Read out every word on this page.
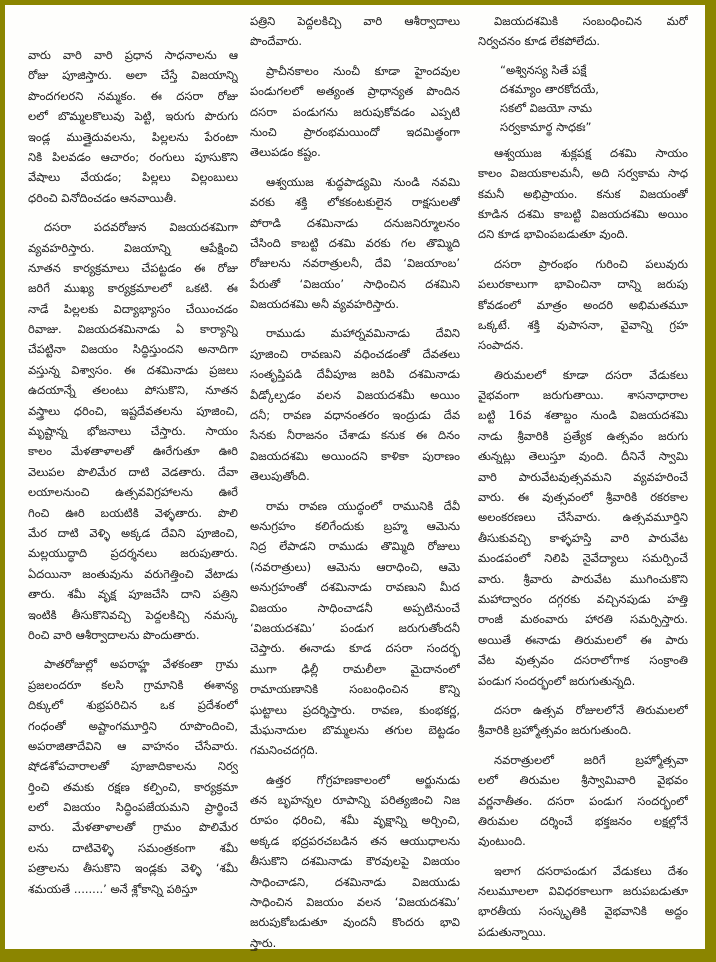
వారు వారి వారి ప్రధాన సాధనాలను ఆ
రోజు పూజిస్తారు. అలా చేస్తే విజయాన్ని
పొందగలరని నమ్మకం. ఈ దసరా రోజు
లలో బొమ్మలకొలువు పెట్టి, ఇరుగు పొరుగు
ఇండ్ల ముత్తైదువలను, పిల్లలను పేరంటా
నికి పిలవడం ఆచారం; రంగులు పూసుకొని
వేషాలు వేయడం; పిల్లలు విల్లంబులు
ధరించి వినోదించడం ఆనవాయితీ.
దసరా పదవరోజున విజయదశమిగా
వ్యవహరిస్తారు. విజయాన్ని ఆపేక్షించి
నూతన కార్యక్రమాలు చేపట్టడం ఈ రోజు
జరిగే ముఖ్య కార్యక్రమాలలో ఒకటి. ఈ
నాడే పిల్లలకు విద్యాభ్యాసం చేయించడం
రివాజు. విజయదశమినాడు ఏ కార్యాన్ని
చేపట్టినా విజయం సిద్ధిస్తుందని అనాదిగా
వస్తున్న విశ్వాసం. ఈ దశమినాడు ప్రజలు
ఉదయాన్నే తలంటు పోసుకొని, నూతన
వస్త్రాలు ధరించి, ఇష్టదేవతలను పూజించి,
మృష్టాన్న భోజనాలు చేస్తారు. సాయం
కాలం మేళతాళాలతో ఊరేగుతూ ఊరి
వెలుపల పొలిమేర దాటి వెడతారు. దేవా
లయాలనుంచి ఉత్సవవిగ్రహాలను ఊరే
గించి ఊరి బయటికి వెళ్ళతారు. పొలి
మేర దాటి వెళ్ళి అక్కడ దేవిని పూజించి,
మల్లయుద్ధాది ప్రదర్శనలు జరుపుతారు.
ఏదయినా జంతువును వరుగెత్తించి వేటాడు
తారు. శమీ వృక్ష పూజచేసి దాని పత్రిని
ఇంటికి తీసుకొనివచ్చి పెద్దలకిచ్చి నమస్క
రించి వారి ఆశీర్వాదాలను పొందుతారు.
పాతరోజుల్లో అపరాహ్ణ వేళకంతా గ్రామ
ప్రజలందరూ కలసి గ్రామానికి ఈశాన్య
దిక్కులో శుభ్రపరిచిన ఒక ప్రదేశంలో
గంధంతో అష్టాంగమూర్తిని రూపొందించి,
అపరాజితాదేవిని ఆ వాహనం చేసేవారు.
షోడశోపచారాలతో పూజాదికాలను నిర్వ
ర్తించి తమకు రక్షణ కల్పించి, కార్యక్రమా
లలో విజయం సిద్ధింపజేయమని ప్రార్థించే
వారు. మేళతాళాలతో గ్రామం పొలిమేర
లను దాటివెళ్ళి సమంత్రకంగా శమీ
పత్రాలను తీసుకొని ఇండ్లకు వెళ్ళి ‘శమీ
శమయతే ........’ అనే శ్లోకాన్ని పఠిస్తూ
పత్రిని పెద్దలకిచ్చి వారి ఆశీర్వాదాలు
పొందేవారు.
ప్రాచీనకాలం నుంచీ కూడా హైందవుల
పండుగలలో అత్యంత ప్రాధాన్యత పొందిన
దసరా పండుగను జరుపుకోవడం ఎప్పటి
నుంచి ప్రారంభమయిందో ఇదమిత్థంగా
తెలుపడం కష్టం.
ఆశ్వయుజ శుద్ధపాడ్యమి నుండి నవమి
వరకు శక్తి లోకకంటకులైన రాక్షసులతో
పోరాడి దశమినాడు దనుజనిర్మూలనం
చేసింది కాబట్టి దశమి వరకు గల తొమ్మిది
రోజులను నవరాత్రులనీ, దేవి ‘విజయాంబ’
పేరుతో ‘విజయం’ సాధించిన దశమిని
విజయదశమి అనీ వ్యవహరిస్తారు.
రాముడు మహార్నవమినాడు దేవిని
పూజించి రావణుని వధించడంతో దేవతలు
సంతృప్తిపడి దేవీపూజ జరిపి దశమినాడు
వీడ్కోల్పడం వలన విజయదశమీ అయిం
దనీ; రావణ వధానంతరం ఇంద్రుడు దేవ
సేనకు నీరాజనం చేశాడు కనుక ఈ దినం
విజయదశమి అయిందని కాళికా పురాణం
తెలుపుతోంది.
రామ రావణ యుద్ధంలో రామునికి దేవీ
అనుగ్రహం కలిగేందుకు బ్రహ్మ ఆమెను
నిద్ర లేపాడని రాముడు తొమ్మిది రోజులు
(నవరాత్రులు) ఆమెను ఆరాధించి, ఆమె
అనుగ్రహంతో దశమినాడు రావణుని మీద
విజయం సాధించాడనీ అప్పటినుంచే
‘విజయదశమి’ పండుగ జరుగుతోందనీ
చెప్తారు. ఈనాడు కూడ దసరా సందర్భ
ముగా ఢిల్లీ రామలీలా మైదానంలో
రామాయణానికి సంబంధించిన కొన్ని
ఘట్టాలు ప్రదర్శిస్తారు. రావణ, కుంభకర్ణ,
మేఘనాదుల బొమ్మలను తగుల బెట్టడం
గమనించదగ్గది.
ఉత్తర గోగ్రహణకాలంలో అర్జునుడు
తన బృహన్నల రూపాన్ని పరిత్యజించి నిజ
రూపం ధరించి, శమీ వృక్షాన్ని అర్చించి,
అక్కడ భద్రపరచబడిన తన ఆయుధాలను
తీసుకొని దశమినాడు కౌరవులపై విజయం
సాధించాడని, దశమినాడు విజయుడు
సాధించిన విజయం వలన ‘విజయదశమి’
జరుపుకోబడుతూ వుందనీ కొందరు భావి
స్తారు.
విజయదశమికి సంబంధించిన మరో
నిర్వచనం కూడ లేకపోలేదు.
“అశ్వినస్య సితే పక్షే
దశమ్యాం తారకోదయే,
సకలో విజయో నామ
సర్వకామార్థ సాధకః”
ఆశ్వయుజ శుక్లపక్ష దశమి సాయం
కాలం విజయకాలమనీ, అది సర్వకామ సాధ
కమనీ అభిప్రాయం. కనుక విజయంతో
కూడిన దశమి కాబట్టి విజయదశమి అయిం
దని కూడ భావింపబడుతూ వుంది.
దసరా ప్రారంభం గురించి పలువురు
పలురకాలుగా భావించినా దాన్ని జరుపు
కోవడంలో మాత్రం అందరి అభిమతమూ
ఒక్కటే. శక్తి వుపాసనా, వైవాన్ని గ్రహ
సంపాదన.
తిరుమలలో కూడా దసరా వేడుకలు
వైభవంగా జరుగుతాయి. శాసనాధారాల
బట్టి 16వ శతాబ్దం నుండి విజయదశమి
నాడు శ్రీవారికి ప్రత్యేక ఉత్సవం జరుగు
తున్నట్లు తెలుస్తూ వుంది. దీనినే స్వామి
వారి పారువేటవుత్సవమని వ్యవహరించే
వారు. ఈ వుత్సవంలో శ్రీవారికి రకరకాల
అలంకరణలు చేసేవారు. ఉత్సవమూర్తిని
తీసుకువచ్చి కాళ్ళహస్తి వారి పారువేట
మండపంలో నిలిపి నైవేద్యాలు సమర్పించే
వారు. శ్రీవారు పారువేట ముగించుకొని
మహాద్వారం దగ్గరకు వచ్చినపుడు హత్తి
రాంజీ మఠంవారు హారతి సమర్పిస్తారు.
అయితే ఈనాడు తిరుమలలో ఈ పారు
వేట వుత్సవం దసరాలోగాక సంక్రాంతి
పండుగ సందర్భంలో జరుగుతున్నది.
దసరా ఉత్సవ రోజులలోనే తిరుమలలో
శ్రీవారికి బ్రహ్మోత్సవం జరుగుతుంది.
నవరాత్రులలో జరిగే బ్రహ్మోత్సవా
లలో తిరుమల శ్రీస్వామివారి వైభవం
వర్ణనాతీతం. దసరా పండుగ సందర్భంలో
తిరుమల దర్శించే భక్తజనం లక్షల్లోనే
వుంటుంది.
ఇలాగ దసరాపండుగ వేడుకలు దేశం
నలుమూలలా వివిధరకాలుగా జరుపబడుతూ
భారతీయ సంస్కృతికి వైభవానికి అద్దం
పడుతున్నాయి.
